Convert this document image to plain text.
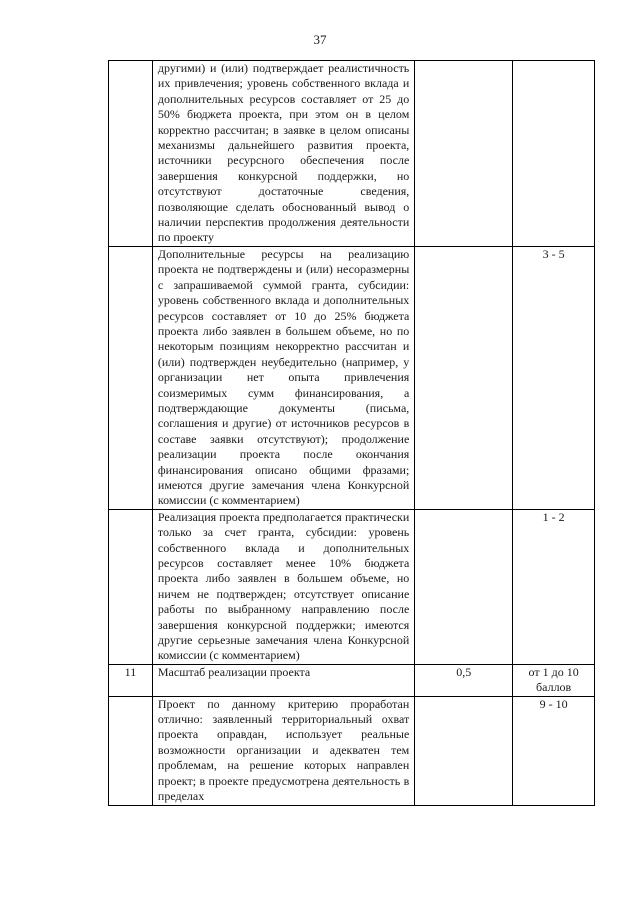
37

	другими) и (или) подтверждает реалистичность их привлечения; уровень собственного вклада и дополнительных ресурсов составляет от 25 до 50% бюджета проекта, при этом он в целом корректно рассчитан; в заявке в целом описаны механизмы дальнейшего развития проекта, источники ресурсного обеспечения после завершения конкурсной поддержки, но отсутствуют достаточные сведения, позволяющие сделать обоснованный вывод о наличии перспектив продолжения деятельности по проекту		

	Дополнительные ресурсы на реализацию проекта не подтверждены и (или) несоразмерны с запрашиваемой суммой гранта, субсидии: уровень собственного вклада и дополнительных ресурсов составляет от 10 до 25% бюджета проекта либо заявлен в большем объеме, но по некоторым позициям некорректно рассчитан и (или) подтвержден неубедительно (например, у организации нет опыта привлечения соизмеримых сумм финансирования, а подтверждающие документы (письма, соглашения и другие) от источников ресурсов в составе заявки отсутствуют); продолжение реализации проекта после окончания финансирования описано общими фразами; имеются другие замечания члена Конкурсной комиссии (с комментарием)		3 - 5

	Реализация проекта предполагается практически только за счет гранта, субсидии: уровень собственного вклада и дополнительных ресурсов составляет менее 10% бюджета проекта либо заявлен в большем объеме, но ничем не подтвержден; отсутствует описание работы по выбранному направлению после завершения конкурсной поддержки; имеются другие серьезные замечания члена Конкурсной комиссии (с комментарием)		1 - 2
11	Масштаб реализации проекта	0,5	от 1 до 10 баллов

	Проект по данному критерию проработан отлично: заявленный территориальный охват проекта оправдан, использует реальные возможности организации и адекватен тем проблемам, на решение которых направлен проект; в проекте предусмотрена деятельность в пределах		9 - 10
